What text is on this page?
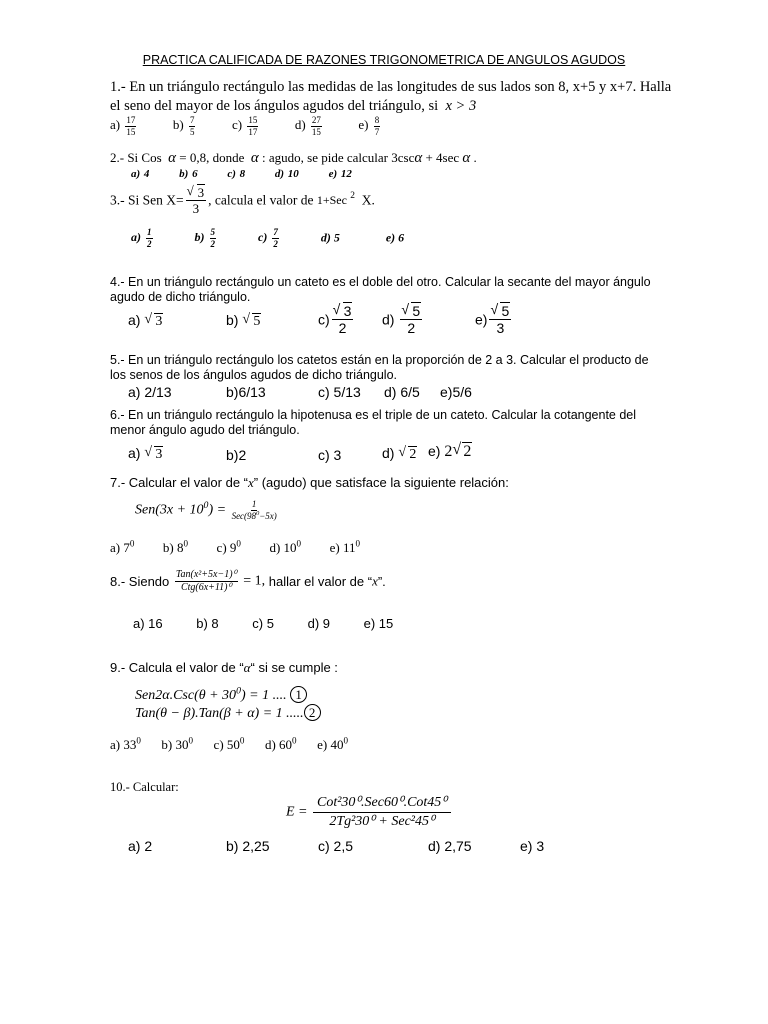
PRACTICA CALIFICADA DE RAZONES TRIGONOMETRICA DE ANGULOS AGUDOS
1.- En un triángulo rectángulo las medidas de las longitudes de sus lados son 8, x+5 y x+7. Halla
el seno del mayor de los ángulos agudos del triángulo, si x > 3
$a) \frac{17}{15}$	$b) \frac{7}{5}$	$c) \frac{15}{17}$	$d) \frac{27}{15}$	$e) \frac{8}{7}$
2.- Si Cos α = 0,8, donde α : agudo, se pide calcular 3cscα + 4sec α .
a) 4	b) 6	c) 8	d) 10	e) 12
3.- Si Sen X= √ $\frac{3}{3}$ , calcula el valor de 1+Sec $^2$ X.
$a) \frac{1}{2}$	$b) \frac{5}{2}$	$c) \frac{7}{2}$	d) 5	e) 6
4.- En un triángulo rectángulo un cateto es el doble del otro. Calcular la secante del mayor ángulo
agudo de dicho triángulo.
a) √ 3	b) √ 5	c) √ $\frac{3}{2} d$) √ $\frac{5}{2}$	e) √ $\frac{5}{3}$
5.- En un triángulo rectángulo los catetos están en la proporción de 2 a 3. Calcular el producto de
los senos de los ángulos agudos de dicho triángulo.
a) 2/13	b)6/13	c) 5/13 d) 6/5 e)5/6
6.- En un triángulo rectángulo la hipotenusa es el triple de un cateto. Calcular la cotangente del
menor ángulo agudo del triángulo.
a) √ 3	b)2	c) 3	d) √ 2 e) 2 √ 2
7.- Calcular el valor de “x” (agudo) que satisface la siguiente relación:
$Sen(3x + 10^0) = \frac{1}{Sec(98^0-5x)}$
a) $7^0$ b) $8^0$ c) $9^0$ d) $10^0$ e) $11^0$
8.- Siendo $\frac{\text{Tan(x²+5x−1)⁰}}{\text{Ctg(6x+11)⁰}} = 1$, hallar el valor de “x”.
a) 16	b) 8	c) 5	d) 9	e) 15
9.- Calcula el valor de “α“ si se cumple :
$Sen2\alpha.Csc(\theta + 30^0) = 1$ .... 1
Tan(θ − β).Tan(β + α) = 1 ..... 2
a) $33^0$ b) $30^0$ c) $50^0$ d) $60^0$ e) $40^0$
10.- Calcular:
$E = \frac{\text{Cot²30⁰.Sec60⁰.Cot45⁰}}{\text{2Tg²30⁰ + Sec²45⁰}}$
a) 2	b) 2,25	c) 2,5	d) 2,75	e) 3
